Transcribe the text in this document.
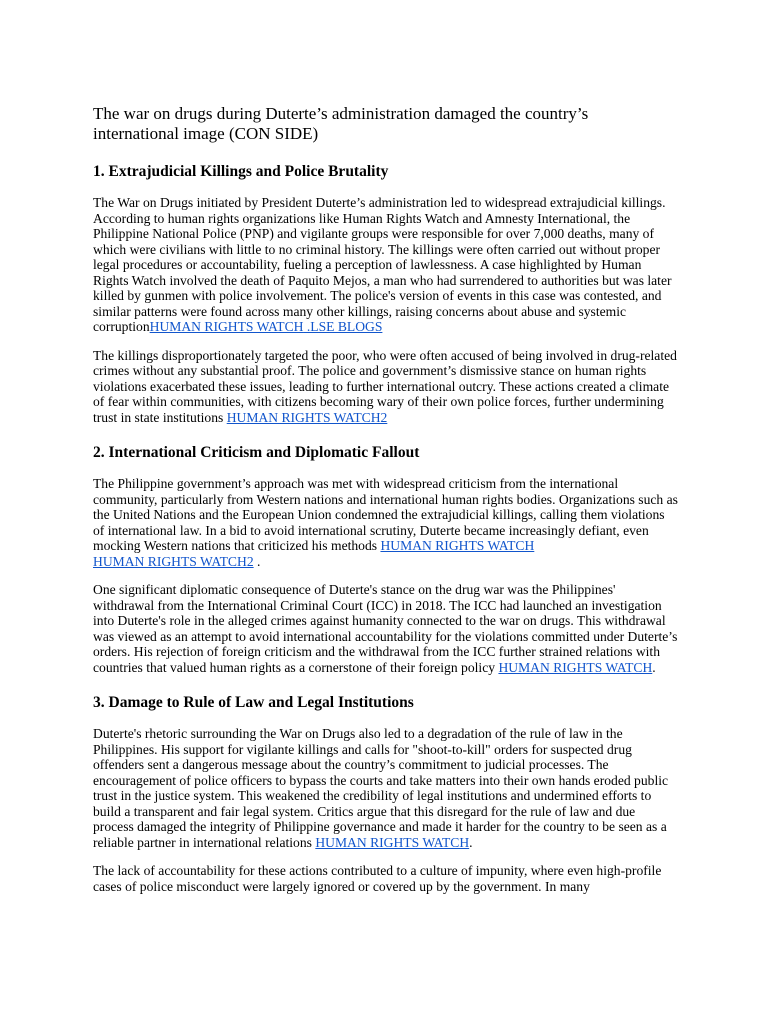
The war on drugs during Duterte’s administration damaged the country’s international image (CON SIDE)
1. Extrajudicial Killings and Police Brutality

The War on Drugs initiated by President Duterte’s administration led to widespread extrajudicial killings. According to human rights organizations like Human Rights Watch and Amnesty International, the Philippine National Police (PNP) and vigilante groups were responsible for over 7,000 deaths, many of which were civilians with little to no criminal history. The killings were often carried out without proper legal procedures or accountability, fueling a perception of lawlessness. A case highlighted by Human Rights Watch involved the death of Paquito Mejos, a man who had surrendered to authorities but was later killed by gunmen with police involvement. The police's version of events in this case was contested, and similar patterns were found across many other killings, raising concerns about abuse and systemic corruptionHUMAN RIGHTS WATCH .LSE BLOGS

The killings disproportionately targeted the poor, who were often accused of being involved in drug-related crimes without any substantial proof. The police and government’s dismissive stance on human rights violations exacerbated these issues, leading to further international outcry. These actions created a climate of fear within communities, with citizens becoming wary of their own police forces, further undermining trust in state institutions HUMAN RIGHTS WATCH2

2. International Criticism and Diplomatic Fallout

The Philippine government’s approach was met with widespread criticism from the international community, particularly from Western nations and international human rights bodies. Organizations such as the United Nations and the European Union condemned the extrajudicial killings, calling them violations of international law. In a bid to avoid international scrutiny, Duterte became increasingly defiant, even mocking Western nations that criticized his methods HUMAN RIGHTS WATCH
HUMAN RIGHTS WATCH2 .

One significant diplomatic consequence of Duterte's stance on the drug war was the Philippines' withdrawal from the International Criminal Court (ICC) in 2018. The ICC had launched an investigation into Duterte's role in the alleged crimes against humanity connected to the war on drugs. This withdrawal was viewed as an attempt to avoid international accountability for the violations committed under Duterte’s orders. His rejection of foreign criticism and the withdrawal from the ICC further strained relations with countries that valued human rights as a cornerstone of their foreign policy HUMAN RIGHTS WATCH.

3. Damage to Rule of Law and Legal Institutions

Duterte's rhetoric surrounding the War on Drugs also led to a degradation of the rule of law in the Philippines. His support for vigilante killings and calls for "shoot-to-kill" orders for suspected drug offenders sent a dangerous message about the country’s commitment to judicial processes. The encouragement of police officers to bypass the courts and take matters into their own hands eroded public trust in the justice system. This weakened the credibility of legal institutions and undermined efforts to build a transparent and fair legal system. Critics argue that this disregard for the rule of law and due process damaged the integrity of Philippine governance and made it harder for the country to be seen as a reliable partner in international relations HUMAN RIGHTS WATCH.

The lack of accountability for these actions contributed to a culture of impunity, where even high-profile cases of police misconduct were largely ignored or covered up by the government. In many
